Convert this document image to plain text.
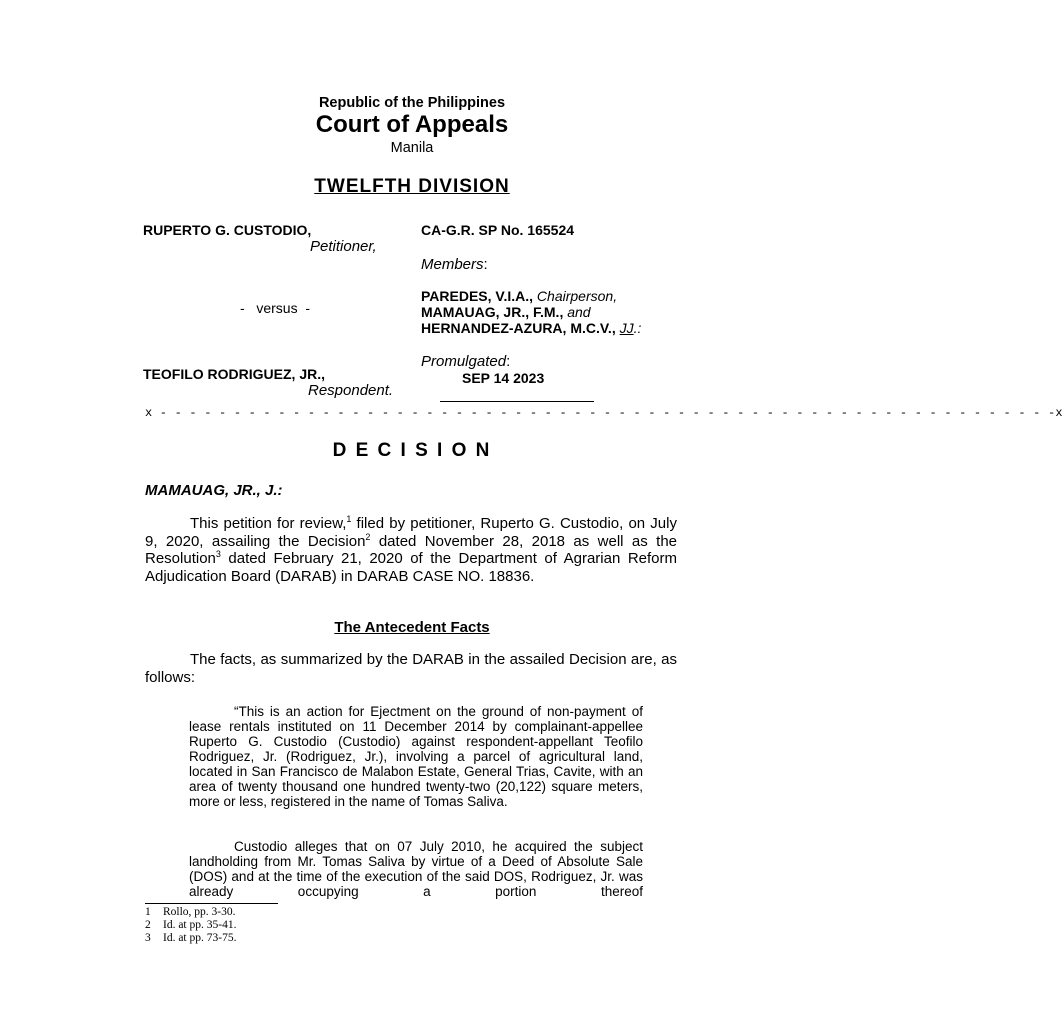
Republic of the Philippines
Court of Appeals
Manila
TWELFTH DIVISION
RUPERTO G. CUSTODIO,
Petitioner,
-   versus  -
TEOFILO RODRIGUEZ, JR.,
Respondent.
CA-G.R. SP No. 165524
Members:
PAREDES, V.I.A., Chairperson,
MAMAUAG, JR., F.M., and
HERNANDEZ-AZURA, M.C.V., JJ.:
Promulgated:
SEP 14 2023
x - - - - - - - - - - - - - - - - - - - - - - - - - - - - - - - - - - - - - - - - - - - - - - - - - - - - - - - - - - - - -x
D E C I S I O N
MAMAUAG, JR., J.:
This petition for review,$^1$ filed by petitioner, Ruperto G. Custodio, on July 9, 2020, assailing the Decision$^2$ dated November 28, 2018 as well as the Resolution$^3$ dated February 21, 2020 of the Department of Agrarian Reform Adjudication Board (DARAB) in DARAB CASE NO. 18836.
The Antecedent Facts
The facts, as summarized by the DARAB in the assailed Decision are, as follows:
“This is an action for Ejectment on the ground of non-payment of lease rentals instituted on 11 December 2014 by complainant-appellee Ruperto G. Custodio (Custodio) against respondent-appellant Teofilo Rodriguez, Jr. (Rodriguez, Jr.), involving a parcel of agricultural land, located in San Francisco de Malabon Estate, General Trias, Cavite, with an area of twenty thousand one hundred twenty-two (20,122) square meters, more or less, registered in the name of Tomas Saliva.
Custodio alleges that on 07 July 2010, he acquired the subject landholding from Mr. Tomas Saliva by virtue of a Deed of Absolute Sale (DOS) and at the time of the execution of the said DOS, Rodriguez, Jr. was already occupying a portion thereof
1 Rollo, pp. 3-30.
2 Id. at pp. 35-41.
3 Id. at pp. 73-75.
